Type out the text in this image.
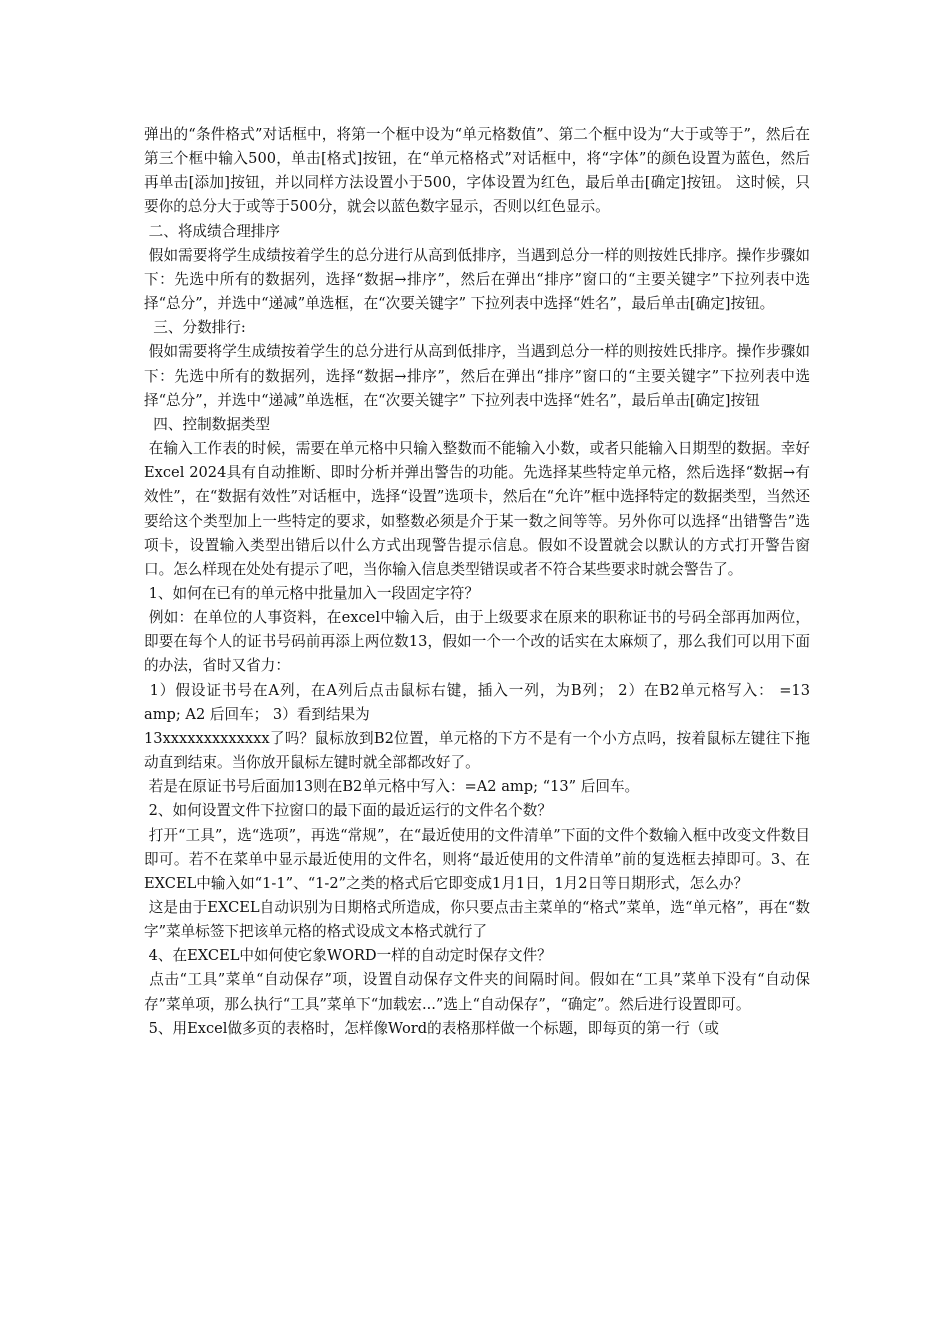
弹出的“条件格式”对话框中，将第一个框中设为“单元格数值”、第二个框中设为“大于或等于”，然后在第三个框中输入500，单击[格式]按钮，在“单元格格式”对话框中，将“字体”的颜色设置为蓝色，然后再单击[添加]按钮，并以同样方法设置小于500，字体设置为红色，最后单击[确定]按钮。 这时候，只要你的总分大于或等于500分，就会以蓝色数字显示，否则以红色显示。

二、将成绩合理排序

假如需要将学生成绩按着学生的总分进行从高到低排序，当遇到总分一样的则按姓氏排序。操作步骤如下：先选中所有的数据列，选择“数据→排序”，然后在弹出“排序”窗口的“主要关键字”下拉列表中选择“总分”，并选中“递减”单选框，在“次要关键字” 下拉列表中选择“姓名”，最后单击[确定]按钮。

三、分数排行:

假如需要将学生成绩按着学生的总分进行从高到低排序，当遇到总分一样的则按姓氏排序。操作步骤如下：先选中所有的数据列，选择“数据→排序”，然后在弹出“排序”窗口的“主要关键字”下拉列表中选择“总分”，并选中“递减”单选框，在“次要关键字” 下拉列表中选择“姓名”，最后单击[确定]按钮

四、控制数据类型

在输入工作表的时候，需要在单元格中只输入整数而不能输入小数，或者只能输入日期型的数据。幸好Excel 2024具有自动推断、即时分析并弹出警告的功能。先选择某些特定单元格，然后选择“数据→有效性”，在“数据有效性”对话框中，选择“设置”选项卡，然后在“允许”框中选择特定的数据类型，当然还要给这个类型加上一些特定的要求，如整数必须是介于某一数之间等等。另外你可以选择“出错警告”选项卡，设置输入类型出错后以什么方式出现警告提示信息。假如不设置就会以默认的方式打开警告窗口。怎么样现在处处有提示了吧，当你输入信息类型错误或者不符合某些要求时就会警告了。

1、如何在已有的单元格中批量加入一段固定字符？

例如：在单位的人事资料，在excel中输入后，由于上级要求在原来的职称证书的号码全部再加两位，即要在每个人的证书号码前再添上两位数13，假如一个一个改的话实在太麻烦了，那么我们可以用下面的办法，省时又省力：

1）假设证书号在A列，在A列后点击鼠标右键，插入一列，为B列； 2）在B2单元格写入： =13 amp; A2 后回车； 3）看到结果为

13xxxxxxxxxxxxx了吗？鼠标放到B2位置，单元格的下方不是有一个小方点吗，按着鼠标左键往下拖动直到结束。当你放开鼠标左键时就全部都改好了。

若是在原证书号后面加13则在B2单元格中写入：=A2 amp; “13” 后回车。

2、如何设置文件下拉窗口的最下面的最近运行的文件名个数？

打开“工具”，选“选项”，再选“常规”，在“最近使用的文件清单”下面的文件个数输入框中改变文件数目即可。若不在菜单中显示最近使用的文件名，则将“最近使用的文件清单”前的复选框去掉即可。3、在EXCEL中输入如“1-1”、“1-2”之类的格式后它即变成1月1日，1月2日等日期形式，怎么办？

这是由于EXCEL自动识别为日期格式所造成，你只要点击主菜单的“格式”菜单，选“单元格”，再在“数字”菜单标签下把该单元格的格式设成文本格式就行了

4、在EXCEL中如何使它象WORD一样的自动定时保存文件？

点击“工具”菜单“自动保存”项，设置自动保存文件夹的间隔时间。假如在“工具”菜单下没有“自动保存”菜单项，那么执行“工具”菜单下“加载宏...”选上“自动保存”，“确定”。然后进行设置即可。

5、用Excel做多页的表格时，怎样像Word的表格那样做一个标题，即每页的第一行（或
